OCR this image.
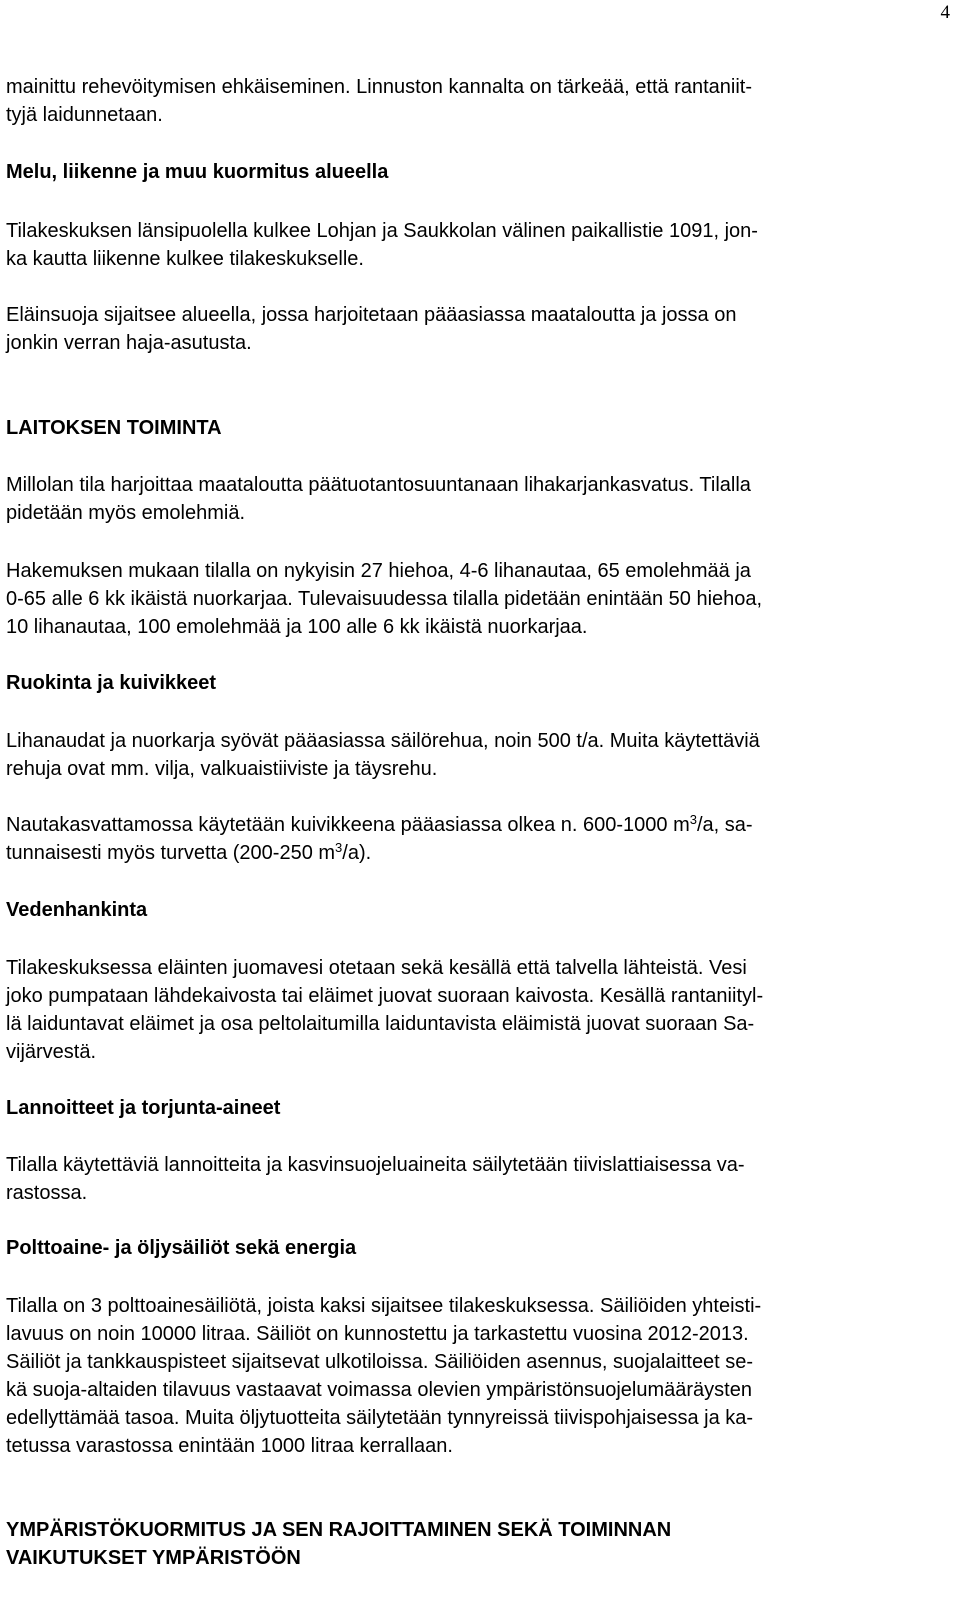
4

mainittu rehevöitymisen ehkäiseminen. Linnuston kannalta on tärkeää, että rantaniit-
tyjä laidunnetaan.

Melu, liikenne ja muu kuormitus alueella

Tilakeskuksen länsipuolella kulkee Lohjan ja Saukkolan välinen paikallistie 1091, jon-
ka kautta liikenne kulkee tilakeskukselle.

Eläinsuoja sijaitsee alueella, jossa harjoitetaan pääasiassa maataloutta ja jossa on
jonkin verran haja-asutusta.

LAITOKSEN TOIMINTA

Millolan tila harjoittaa maataloutta päätuotantosuuntanaan lihakarjankasvatus. Tilalla
pidetään myös emolehmiä.

Hakemuksen mukaan tilalla on nykyisin 27 hiehoa, 4-6 lihanautaa, 65 emolehmää ja
0-65 alle 6 kk ikäistä nuorkarjaa. Tulevaisuudessa tilalla pidetään enintään 50 hiehoa,
10 lihanautaa, 100 emolehmää ja 100 alle 6 kk ikäistä nuorkarjaa.

Ruokinta ja kuivikkeet

Lihanaudat ja nuorkarja syövät pääasiassa säilörehua, noin 500 t/a. Muita käytettäviä
rehuja ovat mm. vilja, valkuaistiiviste ja täysrehu.

Nautakasvattamossa käytetään kuivikkeena pääasiassa olkea n. 600-1000 $m^3/a$, sa-
tunnaisesti myös turvetta (200-250 $m^3/a$).

Vedenhankinta

Tilakeskuksessa eläinten juomavesi otetaan sekä kesällä että talvella lähteistä. Vesi
joko pumpataan lähdekaivosta tai eläimet juovat suoraan kaivosta. Kesällä rantaniityl-
lä laiduntavat eläimet ja osa peltolaitumilla laiduntavista eläimistä juovat suoraan Sa-
vijärvestä.

Lannoitteet ja torjunta-aineet

Tilalla käytettäviä lannoitteita ja kasvinsuojeluaineita säilytetään tiivislattiaisessa va-
rastossa.

Polttoaine- ja öljysäiliöt sekä energia

Tilalla on 3 polttoainesäiliötä, joista kaksi sijaitsee tilakeskuksessa. Säiliöiden yhteisti-
lavuus on noin 10000 litraa. Säiliöt on kunnostettu ja tarkastettu vuosina 2012-2013.
Säiliöt ja tankkauspisteet sijaitsevat ulkotiloissa. Säiliöiden asennus, suojalaitteet se-
kä suoja-altaiden tilavuus vastaavat voimassa olevien ympäristönsuojelumääräysten
edellyttämää tasoa. Muita öljytuotteita säilytetään tynnyreissä tiivispohjaisessa ja ka-
tetussa varastossa enintään 1000 litraa kerrallaan.

YMPÄRISTÖKUORMITUS JA SEN RAJOITTAMINEN SEKÄ TOIMINNAN
VAIKUTUKSET YMPÄRISTÖÖN
